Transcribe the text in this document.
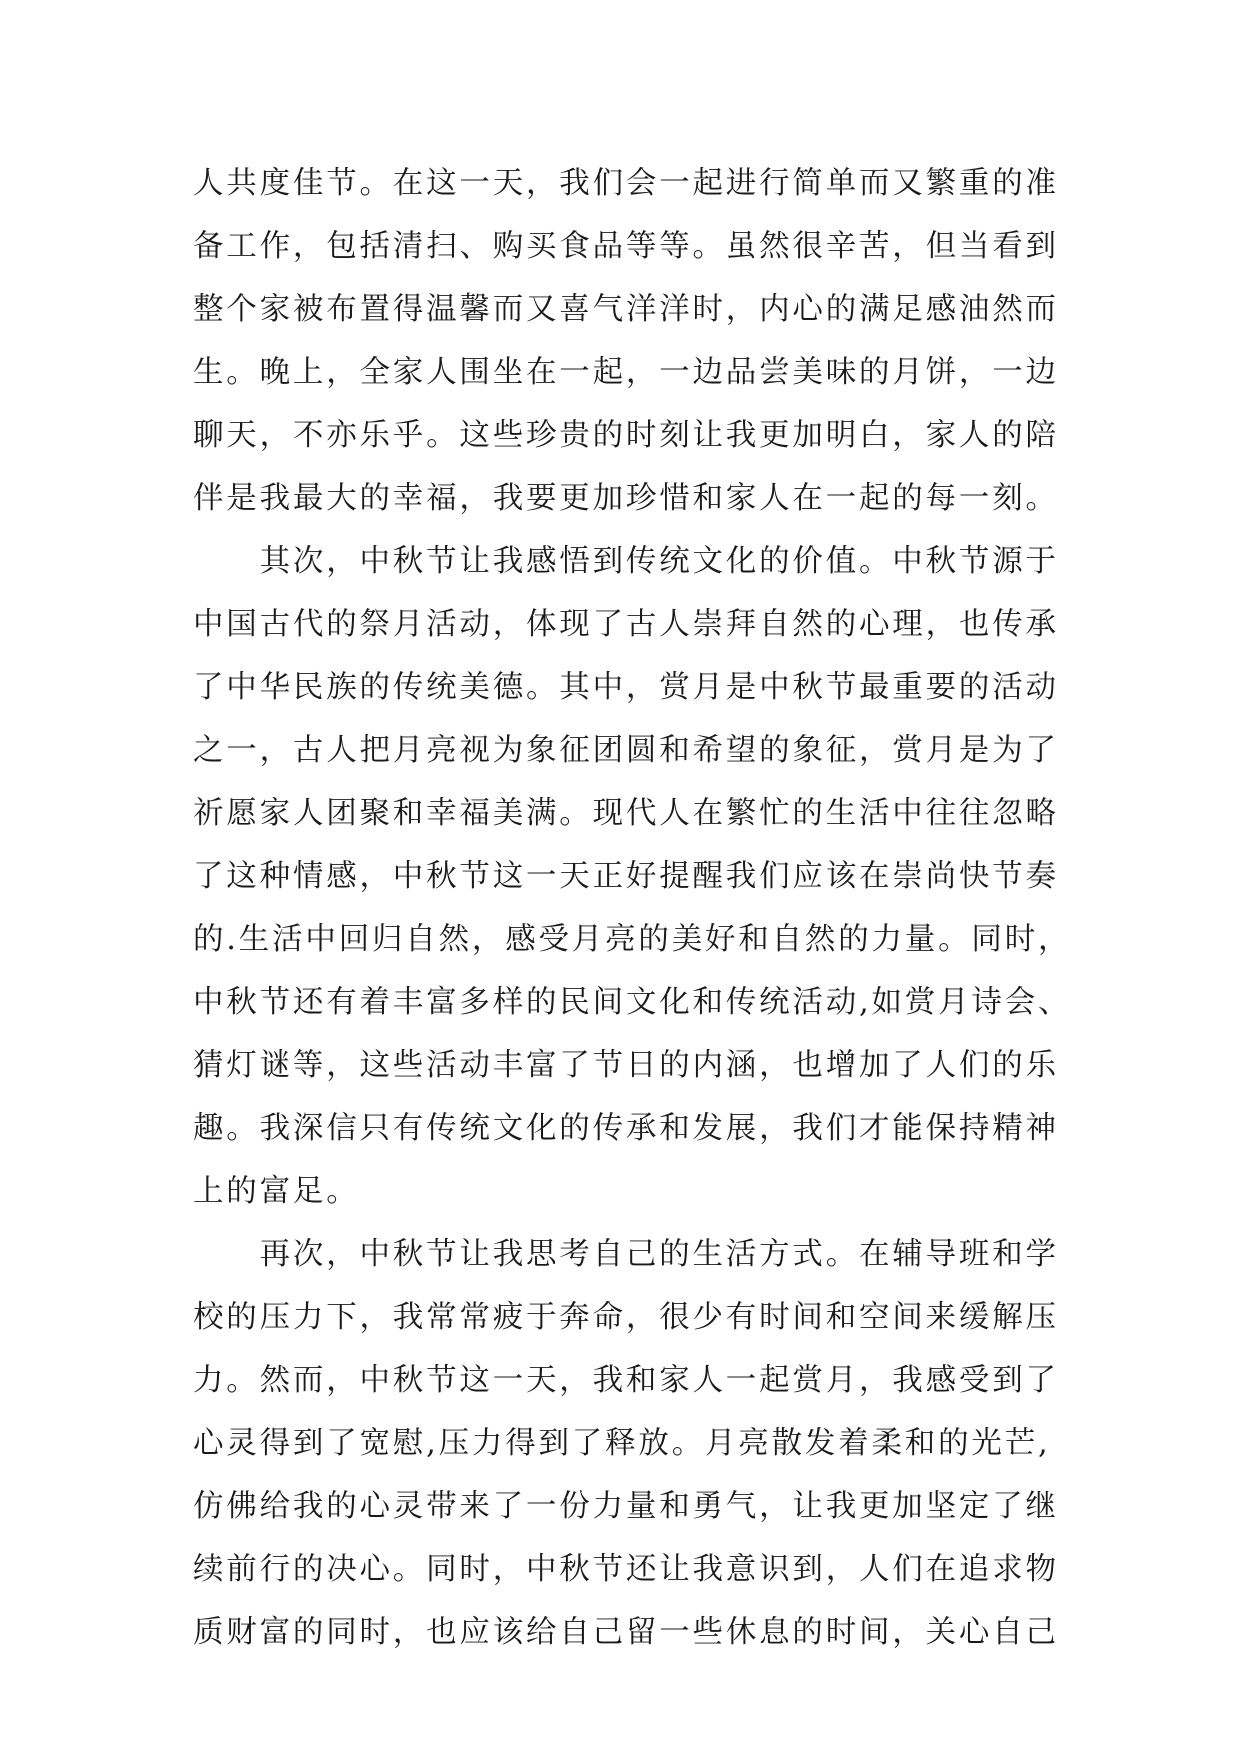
人共度佳节。在这一天，我们会一起进行简单而又繁重的准
备工作，包括清扫、购买食品等等。虽然很辛苦，但当看到
整个家被布置得温馨而又喜气洋洋时，内心的满足感油然而
生。晚上，全家人围坐在一起，一边品尝美味的月饼，一边
聊天，不亦乐乎。这些珍贵的时刻让我更加明白，家人的陪
伴是我最大的幸福，我要更加珍惜和家人在一起的每一刻。
　　其次，中秋节让我感悟到传统文化的价值。中秋节源于
中国古代的祭月活动，体现了古人崇拜自然的心理，也传承
了中华民族的传统美德。其中，赏月是中秋节最重要的活动
之一，古人把月亮视为象征团圆和希望的象征，赏月是为了
祈愿家人团聚和幸福美满。现代人在繁忙的生活中往往忽略
了这种情感，中秋节这一天正好提醒我们应该在崇尚快节奏
的.生活中回归自然，感受月亮的美好和自然的力量。同时，
中秋节还有着丰富多样的民间文化和传统活动,如赏月诗会、
猜灯谜等，这些活动丰富了节日的内涵，也增加了人们的乐
趣。我深信只有传统文化的传承和发展，我们才能保持精神
上的富足。
　　再次，中秋节让我思考自己的生活方式。在辅导班和学
校的压力下，我常常疲于奔命，很少有时间和空间来缓解压
力。然而，中秋节这一天，我和家人一起赏月，我感受到了
心灵得到了宽慰,压力得到了释放。月亮散发着柔和的光芒,
仿佛给我的心灵带来了一份力量和勇气，让我更加坚定了继
续前行的决心。同时，中秋节还让我意识到，人们在追求物
质财富的同时，也应该给自己留一些休息的时间，关心自己
